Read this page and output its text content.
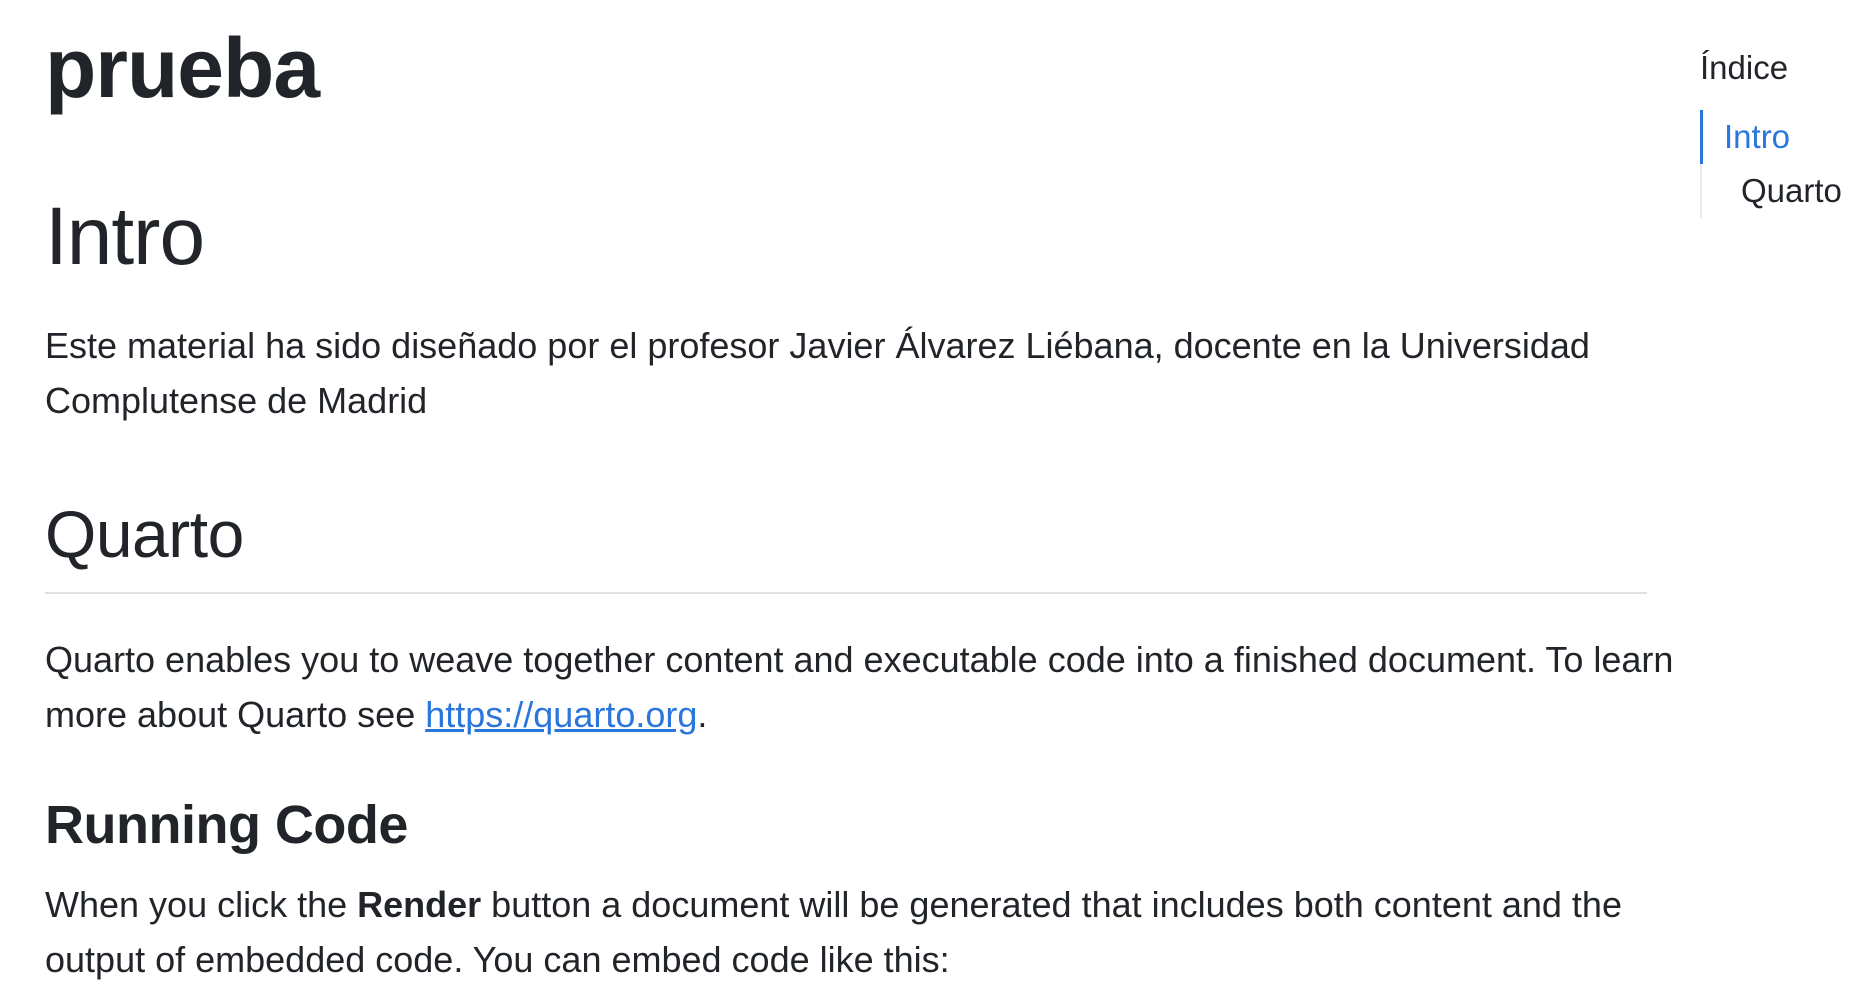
prueba
Intro

Este material ha sido diseñado por el profesor Javier Álvarez Liébana, docente en la Universidad Complutense de Madrid

Quarto

Quarto enables you to weave together content and executable code into a finished document. To learn more about Quarto see https://quarto.org.

Running Code

When you click the Render button a document will be generated that includes both content and the output of embedded code. You can embed code like this:

Índice
Intro
Quarto
